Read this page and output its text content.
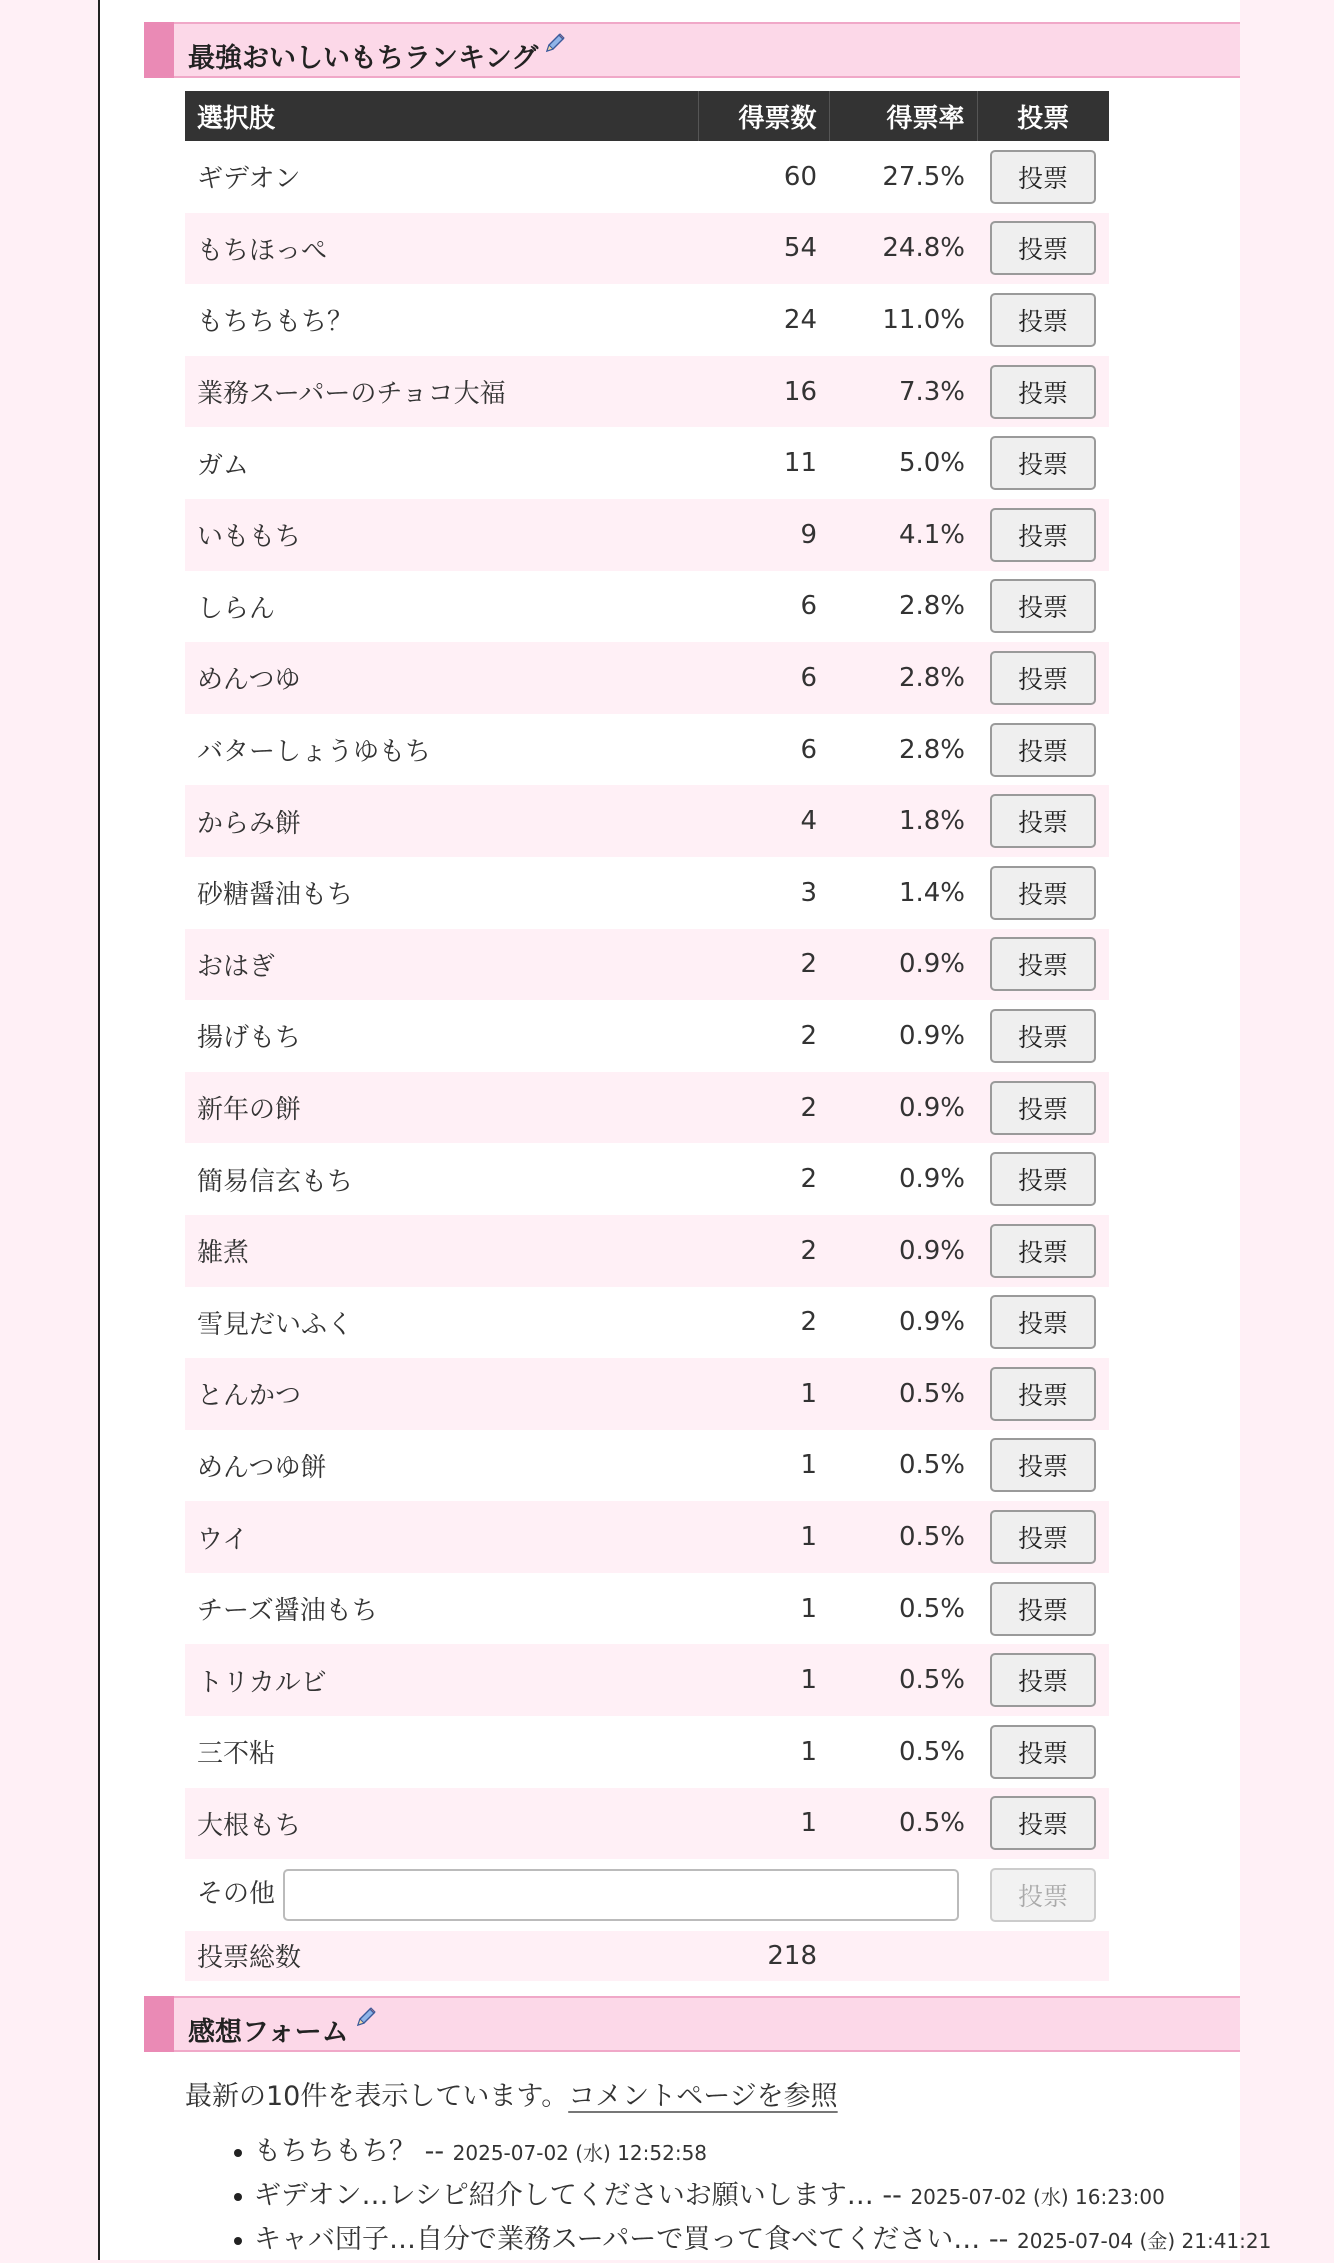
最強おいしいもちランキング
選択肢	得票数	得票率	投票
ギデオン	60	27.5%	投票
もちほっぺ	54	24.8%	投票
もちちもち？	24	11.0%	投票
業務スーパーのチョコ大福	16	7.3%	投票
ガム	11	5.0%	投票
いももち	9	4.1%	投票
しらん	6	2.8%	投票
めんつゆ	6	2.8%	投票
バターしょうゆもち	6	2.8%	投票
からみ餅	4	1.8%	投票
砂糖醤油もち	3	1.4%	投票
おはぎ	2	0.9%	投票
揚げもち	2	0.9%	投票
新年の餅	2	0.9%	投票
簡易信玄もち	2	0.9%	投票
雑煮	2	0.9%	投票
雪見だいふく	2	0.9%	投票
とんかつ	1	0.5%	投票
めんつゆ餅	1	0.5%	投票
ウイ	1	0.5%	投票
チーズ醤油もち	1	0.5%	投票
トリカルビ	1	0.5%	投票
三不粘	1	0.5%	投票
大根もち	1	0.5%	投票
その他			投票
投票総数	218		
感想フォーム
最新の10件を表示しています。コメントページを参照
もちちもち？ -- 2025-07-02 (水) 12:52:58
ギデオン…レシピ紹介してくださいお願いします… -- 2025-07-02 (水) 16:23:00
キャバ団子…自分で業務スーパーで買って食べてください… -- 2025-07-04 (金) 21:41:21
